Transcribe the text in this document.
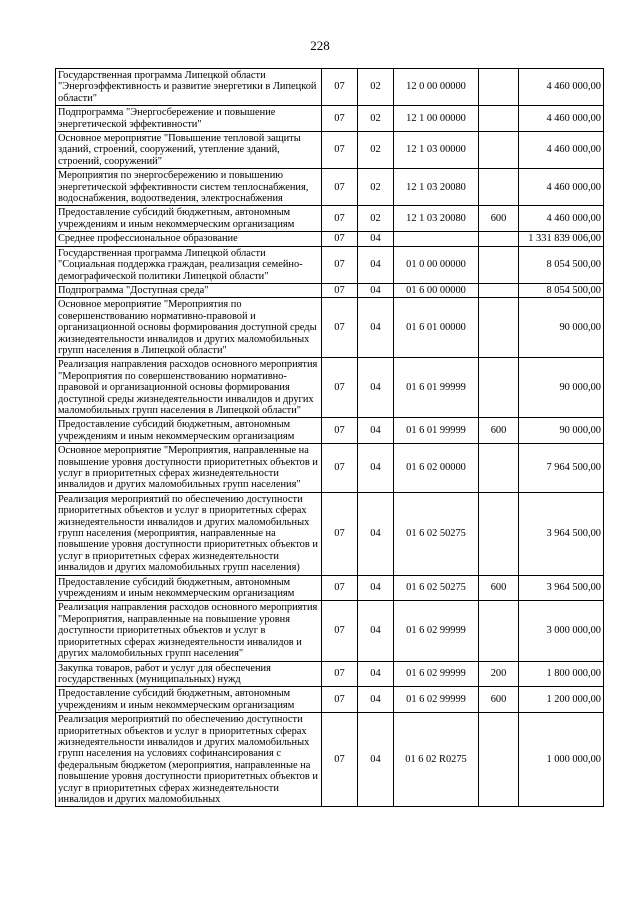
228
Государственная программа Липецкой области "Энергоэффективность и развитие энергетики в Липецкой области"	07	02	12 0 00 00000		4 460 000,00
Подпрограмма "Энергосбережение и повышение энергетической эффективности"	07	02	12 1 00 00000		4 460 000,00
Основное мероприятие "Повышение тепловой защиты зданий, строений, сооружений, утепление зданий, строений, сооружений"	07	02	12 1 03 00000		4 460 000,00
Мероприятия по энергосбережению и повышению энергетической эффективности систем теплоснабжения, водоснабжения, водоотведения, электроснабжения	07	02	12 1 03 20080		4 460 000,00
Предоставление субсидий бюджетным, автономным учреждениям и иным некоммерческим организациям	07	02	12 1 03 20080	600	4 460 000,00
Среднее профессиональное образование	07	04			1 331 839 006,00
Государственная программа Липецкой области "Социальная поддержка граждан, реализация семейно-демографической политики Липецкой области"	07	04	01 0 00 00000		8 054 500,00
Подпрограмма "Доступная среда"	07	04	01 6 00 00000		8 054 500,00
Основное мероприятие "Мероприятия по совершенствованию нормативно-правовой и организационной основы формирования доступной среды жизнедеятельности инвалидов и других маломобильных групп населения в Липецкой области"	07	04	01 6 01 00000		90 000,00
Реализация направления расходов основного мероприятия "Мероприятия по совершенствованию нормативно-правовой и организационной основы формирования доступной среды жизнедеятельности инвалидов и других маломобильных групп населения в Липецкой области"	07	04	01 6 01 99999		90 000,00
Предоставление субсидий бюджетным, автономным учреждениям и иным некоммерческим организациям	07	04	01 6 01 99999	600	90 000,00
Основное мероприятие "Мероприятия, направленные на повышение уровня доступности приоритетных объектов и услуг в приоритетных сферах жизнедеятельности инвалидов и других маломобильных групп населения"	07	04	01 6 02 00000		7 964 500,00
Реализация мероприятий по обеспечению доступности приоритетных объектов и услуг в приоритетных сферах жизнедеятельности инвалидов и других маломобильных групп населения (мероприятия, направленные на повышение уровня доступности приоритетных объектов и услуг в приоритетных сферах жизнедеятельности инвалидов и других маломобильных групп населения)	07	04	01 6 02 50275		3 964 500,00
Предоставление субсидий бюджетным, автономным учреждениям и иным некоммерческим организациям	07	04	01 6 02 50275	600	3 964 500,00
Реализация направления расходов основного мероприятия "Мероприятия, направленные на повышение уровня доступности приоритетных объектов и услуг в приоритетных сферах жизнедеятельности инвалидов и других маломобильных групп населения"	07	04	01 6 02 99999		3 000 000,00
Закупка товаров, работ и услуг для обеспечения государственных (муниципальных) нужд	07	04	01 6 02 99999	200	1 800 000,00
Предоставление субсидий бюджетным, автономным учреждениям и иным некоммерческим организациям	07	04	01 6 02 99999	600	1 200 000,00
Реализация мероприятий по обеспечению доступности приоритетных объектов и услуг в приоритетных сферах жизнедеятельности инвалидов и других маломобильных групп населения на условиях софинансирования с федеральным бюджетом (мероприятия, направленные на повышение уровня доступности приоритетных объектов и услуг в приоритетных сферах жизнедеятельности инвалидов и других маломобильных	07	04	01 6 02 R0275		1 000 000,00
